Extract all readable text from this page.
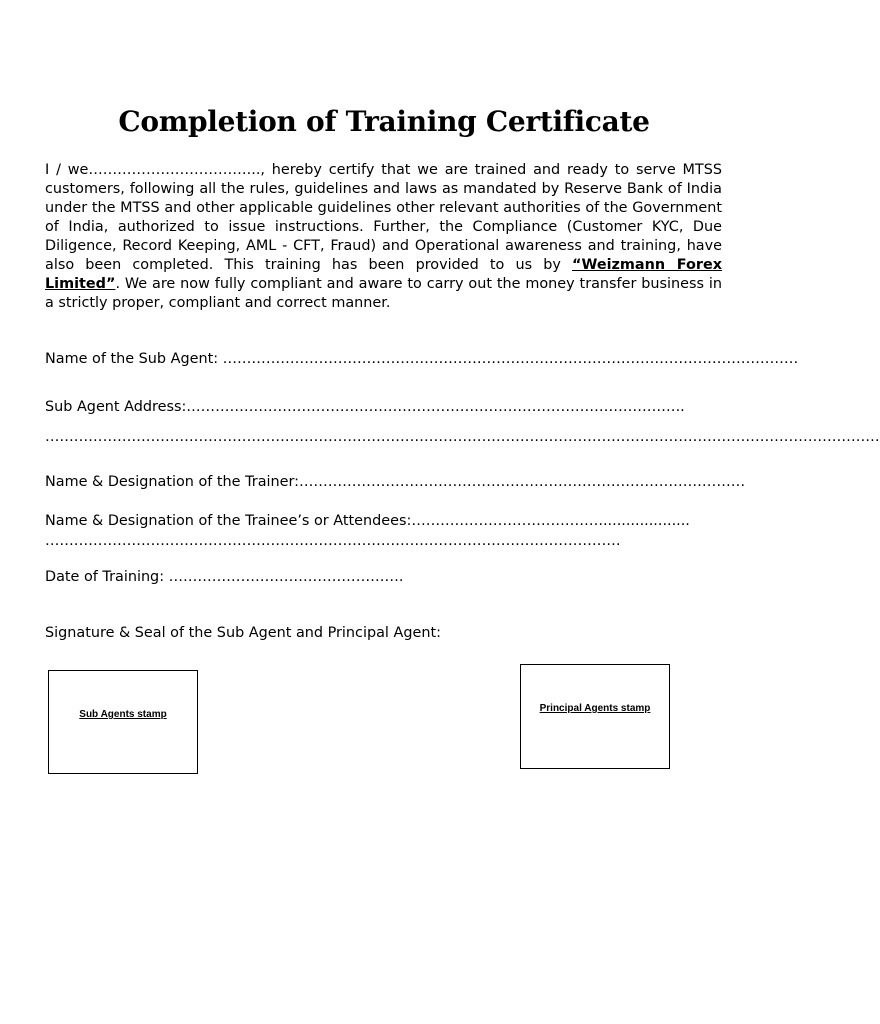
Completion of Training Certificate

I / we……………………………..., hereby certify that we are trained and ready to serve MTSS customers, following all the rules, guidelines and laws as mandated by Reserve Bank of India under the MTSS and other applicable guidelines other relevant authorities of the Government of India, authorized to issue instructions. Further, the Compliance (Customer KYC, Due Diligence, Record Keeping, AML - CFT, Fraud) and Operational awareness and training, have also been completed. This training has been provided to us by “Weizmann Forex Limited”. We are now fully compliant and aware to carry out the money transfer business in a strictly proper, compliant and correct manner.

Name of the Sub Agent: …………………………………………………………………………………………………………
Sub Agent Address:…………………………………………………………………………………………..
…………………………………………………………………………………………………………………………………………………………
Name & Designation of the Trainer:…………………………………………………………………………………
Name & Designation of the Trainee’s or Attendees:…………………………………....................
…………………………………………………………………………………………………………
Date of Training: ………………………………………….
Signature & Seal of the Sub Agent and Principal Agent:
Sub Agents stamp
Principal Agents stamp
